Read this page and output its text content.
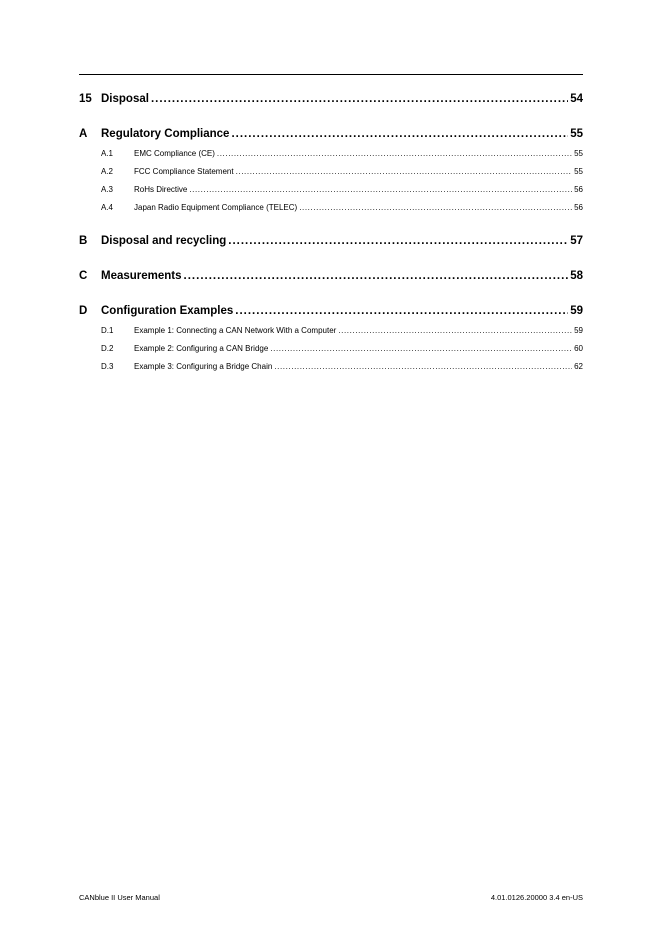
15 Disposal .....	54
A	Regulatory Compliance .....	55
A.1	EMC Compliance (CE) .....	55
A.2	FCC Compliance Statement .....	55
A.3	RoHs Directive .....	56
A.4	Japan Radio Equipment Compliance (TELEC) .....	56
B	Disposal and recycling .....	57
C	Measurements .....	58
D	Configuration Examples .....	59
D.1	Example 1: Connecting a CAN Network With a Computer .....	59
D.2	Example 2: Configuring a CAN Bridge .....	60
D.3	Example 3: Configuring a Bridge Chain .....	62
CANblue II User Manual	4.01.0126.20000 3.4 en-US
